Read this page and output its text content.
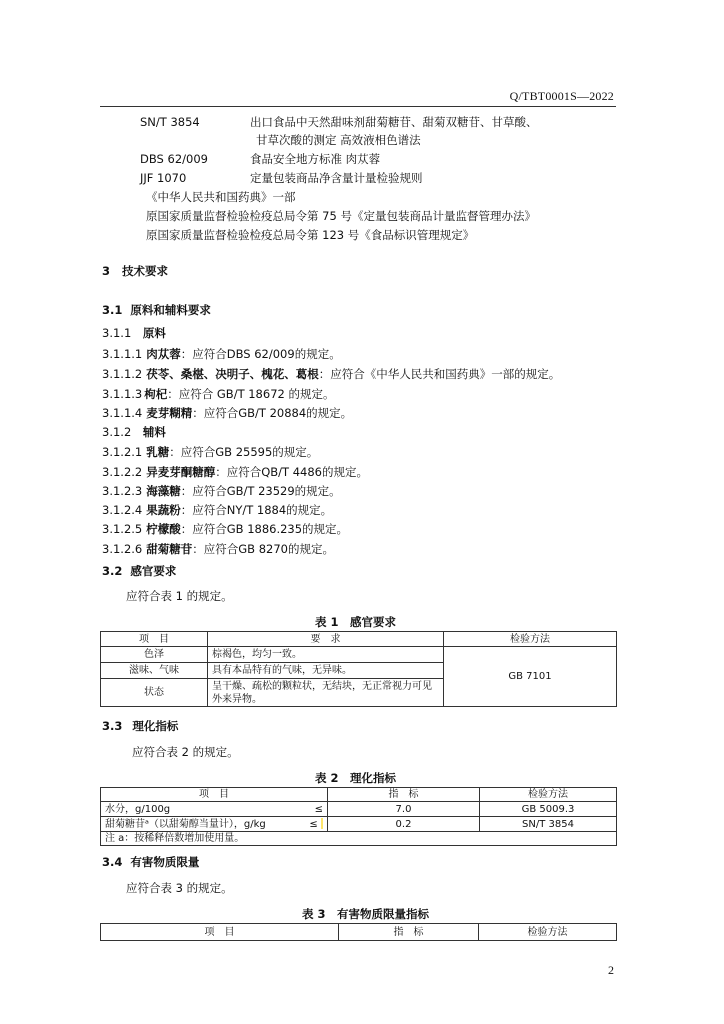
Q/TBT0001S—2022
SN/T 3854	出口食品中天然甜味剂甜菊糖苷、甜菊双糖苷、甘草酸、
甘草次酸的测定 高效液相色谱法
DBS 62/009	食品安全地方标准 肉苁蓉
JJF 1070	定量包装商品净含量计量检验规则
《中华人民共和国药典》一部
原国家质量监督检验检疫总局令第 75 号《定量包装商品计量监督管理办法》
原国家质量监督检验检疫总局令第 123 号《食品标识管理规定》
3 技术要求
3.1 原料和辅料要求
3.1.1 原料
3.1.1.1 肉苁蓉：应符合DBS 62/009的规定。
3.1.1.2 茯苓、桑椹、决明子、槐花、葛根：应符合《中华人民共和国药典》一部的规定。
3.1.1.3 枸杞：应符合 GB/T 18672 的规定。
3.1.1.4 麦芽糊精：应符合GB/T 20884的规定。
3.1.2 辅料
3.1.2.1 乳糖：应符合GB 25595的规定。
3.1.2.2 异麦芽酮糖醇：应符合QB/T 4486的规定。
3.1.2.3 海藻糖：应符合GB/T 23529的规定。
3.1.2.4 果蔬粉：应符合NY/T 1884的规定。
3.1.2.5 柠檬酸：应符合GB 1886.235的规定。
3.1.2.6 甜菊糖苷：应符合GB 8270的规定。
3.2 感官要求
应符合表 1 的规定。
表 1　感官要求
项　目	要　求	检验方法
色泽	棕褐色，均匀一致。	GB 7101
滋味、气味	具有本品特有的气味，无异味。	
状态	呈干燥、疏松的颗粒状，无结块，无正常视力可见外来异物。	
3.3 理化指标
应符合表 2 的规定。
表 2　理化指标
项　目	指　标	检验方法
水分，g/100g ≤	7.0	GB 5009.3
甜菊糖苷ᵃ（以甜菊醇当量计），g/kg ≤	0.2	SN/T 3854
注 a：按稀释倍数增加使用量。		
3.4 有害物质限量
应符合表 3 的规定。
表 3　有害物质限量指标
项　目	指　标	检验方法
2
